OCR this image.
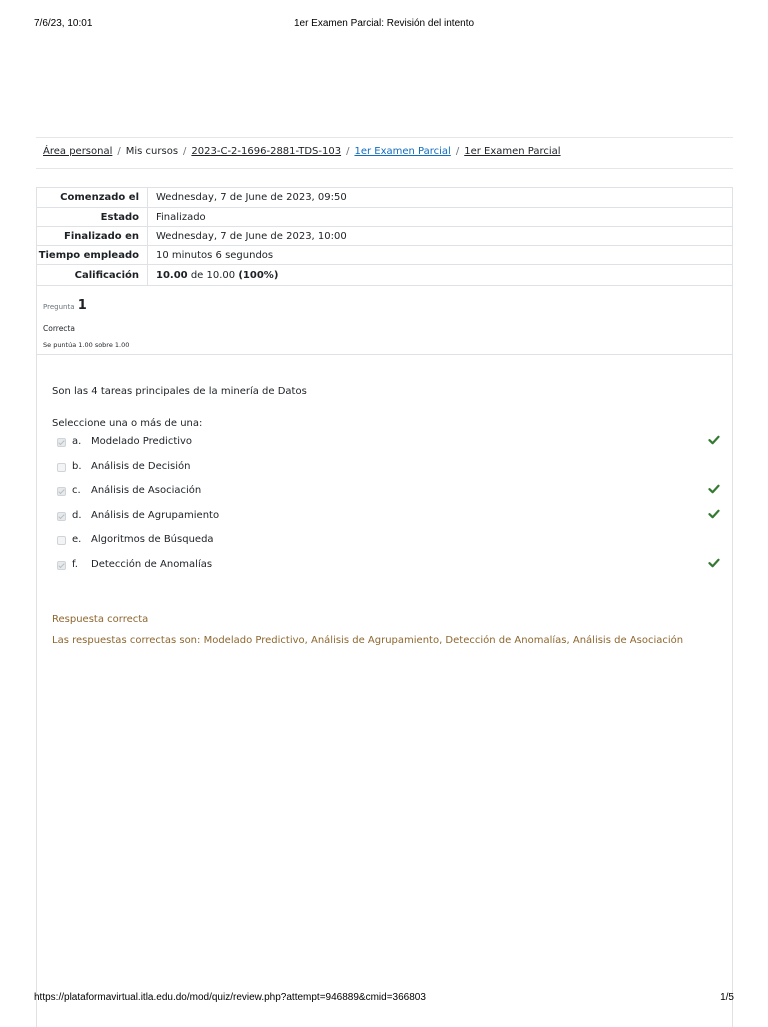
7/6/23, 10:01	1er Examen Parcial: Revisión del intento
Área personal / Mis cursos / 2023-C-2-1696-2881-TDS-103 / 1er Examen Parcial / 1er Examen Parcial
Comenzado el	Wednesday, 7 de June de 2023, 09:50
Estado	Finalizado
Finalizado en	Wednesday, 7 de June de 2023, 10:00
Tiempo empleado	10 minutos 6 segundos
Calificación	10.00 de 10.00 (100%)
Pregunta 1
Correcta
Se puntúa 1.00 sobre 1.00
Son las 4 tareas principales de la minería de Datos
Seleccione una o más de una:
a. Modelado Predictivo
b. Análisis de Decisión
c. Análisis de Asociación
d. Análisis de Agrupamiento
e. Algoritmos de Búsqueda
f. Detección de Anomalías
Respuesta correcta
Las respuestas correctas son: Modelado Predictivo, Análisis de Agrupamiento, Detección de Anomalías, Análisis de Asociación
https://plataformavirtual.itla.edu.do/mod/quiz/review.php?attempt=946889&cmid=366803	1/5
